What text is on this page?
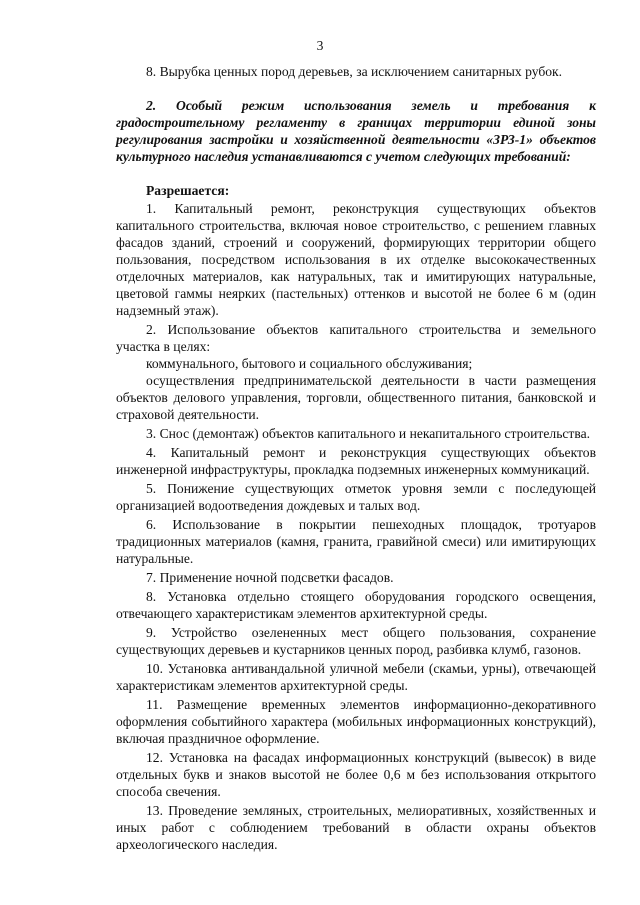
3

8. Вырубка ценных пород деревьев, за исключением санитарных рубок.

2. Особый режим использования земель и требования к градостроительному регламенту в границах территории единой зоны регулирования застройки и хозяйственной деятельности «ЗРЗ-1» объектов культурного наследия устанавливаются с учетом следующих требований:

Разрешается:

1. Капитальный ремонт, реконструкция существующих объектов капитального строительства, включая новое строительство, с решением главных фасадов зданий, строений и сооружений, формирующих территории общего пользования, посредством использования в их отделке высококачественных отделочных материалов, как натуральных, так и имитирующих натуральные, цветовой гаммы неярких (пастельных) оттенков и высотой не более 6 м (один надземный этаж).

2. Использование объектов капитального строительства и земельного участка в целях:

коммунального, бытового и социального обслуживания;

осуществления предпринимательской деятельности в части размещения объектов делового управления, торговли, общественного питания, банковской и страховой деятельности.

3. Снос (демонтаж) объектов капитального и некапитального строительства.

4. Капитальный ремонт и реконструкция существующих объектов инженерной инфраструктуры, прокладка подземных инженерных коммуникаций.

5. Понижение существующих отметок уровня земли с последующей организацией водоотведения дождевых и талых вод.

6. Использование в покрытии пешеходных площадок, тротуаров традиционных материалов (камня, гранита, гравийной смеси) или имитирующих натуральные.

7. Применение ночной подсветки фасадов.

8. Установка отдельно стоящего оборудования городского освещения, отвечающего характеристикам элементов архитектурной среды.

9. Устройство озелененных мест общего пользования, сохранение существующих деревьев и кустарников ценных пород, разбивка клумб, газонов.

10. Установка антивандальной уличной мебели (скамьи, урны), отвечающей характеристикам элементов архитектурной среды.

11. Размещение временных элементов информационно-декоративного оформления событийного характера (мобильных информационных конструкций), включая праздничное оформление.

12. Установка на фасадах информационных конструкций (вывесок) в виде отдельных букв и знаков высотой не более 0,6 м без использования открытого способа свечения.

13. Проведение земляных, строительных, мелиоративных, хозяйственных и иных работ с соблюдением требований в области охраны объектов археологического наследия.
